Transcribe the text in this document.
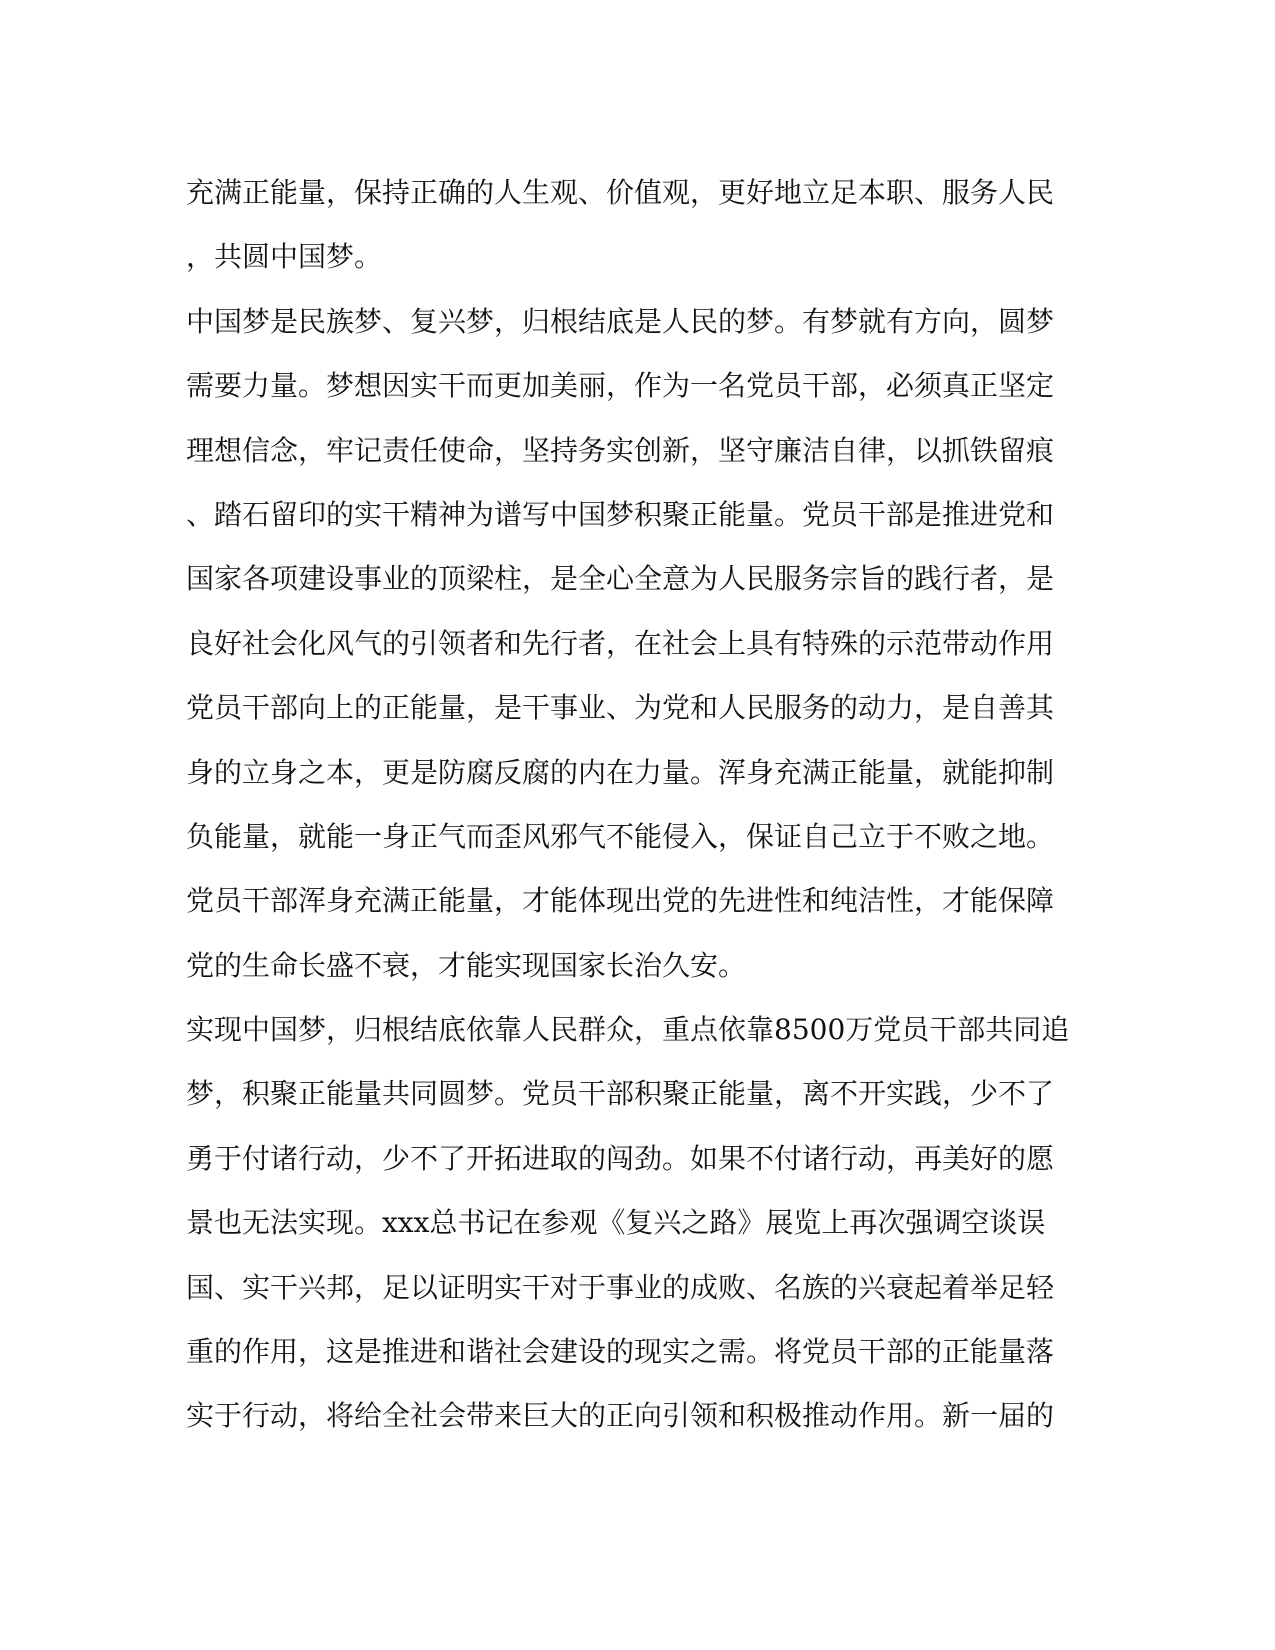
充满正能量，保持正确的人生观、价值观，更好地立足本职、服务人民
，共圆中国梦。
中国梦是民族梦、复兴梦，归根结底是人民的梦。有梦就有方向，圆梦
需要力量。梦想因实干而更加美丽，作为一名党员干部，必须真正坚定
理想信念，牢记责任使命，坚持务实创新，坚守廉洁自律，以抓铁留痕
、踏石留印的实干精神为谱写中国梦积聚正能量。党员干部是推进党和
国家各项建设事业的顶梁柱，是全心全意为人民服务宗旨的践行者，是
良好社会化风气的引领者和先行者，在社会上具有特殊的示范带动作用
党员干部向上的正能量，是干事业、为党和人民服务的动力，是自善其
身的立身之本，更是防腐反腐的内在力量。浑身充满正能量，就能抑制
负能量，就能一身正气而歪风邪气不能侵入，保证自己立于不败之地。
党员干部浑身充满正能量，才能体现出党的先进性和纯洁性，才能保障
党的生命长盛不衰，才能实现国家长治久安。
实现中国梦，归根结底依靠人民群众，重点依靠8500万党员干部共同追
梦，积聚正能量共同圆梦。党员干部积聚正能量，离不开实践，少不了
勇于付诸行动，少不了开拓进取的闯劲。如果不付诸行动，再美好的愿
景也无法实现。xxx总书记在参观《复兴之路》展览上再次强调空谈误
国、实干兴邦，足以证明实干对于事业的成败、名族的兴衰起着举足轻
重的作用，这是推进和谐社会建设的现实之需。将党员干部的正能量落
实于行动，将给全社会带来巨大的正向引领和积极推动作用。新一届的
